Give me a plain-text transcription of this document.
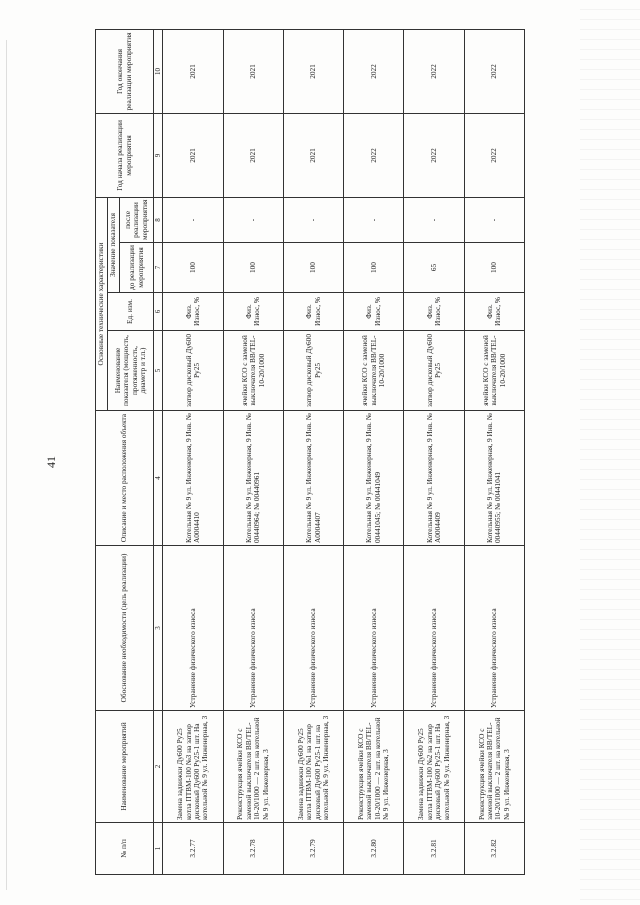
41
№ п/п	Наименование мероприятий	Обоснование необходимости (цель реализации)	Описание и место расположения объекта	Основные технические характеристики				Год начала реализации мероприятия	Год окончания реализации мероприятия
				Наименование показателя (мощность, протяженность, диаметр и т.п.)	Ед. изм.	Значение показателя			
						до реализации мероприятия	после реализации мероприятия		
1	2	3	4	5	6	7	8	9	10
3.2.77	Замена задвижки Ду600 Ру25 котла ПТВМ-100 №3 на затвор дисковый Ду600 Ру25-1 шт. На котельной № 9 ул. Инженерная, 3	Устранение физического износа	Котельная № 9 ул. Инженерная, 9 Инв. № А0004410	затвор дисковый Ду600 Ру25	Физ. Износ, %	100	-	2021	2021
3.2.78	Реконструкция ячейки КСО с заменой выключателя ВВ/TEL-10-20/1000 — 2 шт. на котельной № 9 ул. Инженерная, 3	Устранение физического износа	Котельная № 9 ул. Инженерная, 9 Инв. № 00440964; № 00440961	ячейки КСО с заменой выключателя ВВ/TEL-10-20/1000	Физ. Износ, %	100	-	2021	2021
3.2.79	Замена задвижки Ду600 Ру25 котла ПТВМ-100 №1 на затвор дисковый Ду600 Ру25-1 шт. на котельной № 9 ул. Инженерная, 3	Устранение физического износа	Котельная № 9 ул. Инженерная, 9 Инв. № А0004407	затвор дисковый Ду600 Ру25	Физ. Износ, %	100	-	2021	2021
3.2.80	Реконструкция ячейки КСО с заменой выключателя ВВ/TEL-10-20/1000 — 2 шт. на котельной № 9 ул. Инженерная, 3	Устранение физического износа	Котельная № 9 ул. Инженерная, 9 Инв. № 00441045; № 00441049	ячейки КСО с заменой выключателя ВВ/TEL-10-20/1000	Физ. Износ, %	100	-	2022	2022
3.2.81	Замена задвижки Ду600 Ру25 котла ПТВМ-100 №2 на затвор дисковый Ду600 Ру25-1 шт. На котельной № 9 ул. Инженерная, 3	Устранение физического износа	Котельная № 9 ул. Инженерная, 9 Инв. № А0004409	затвор дисковый Ду600 Ру25	Физ. Износ, %	65	-	2022	2022
3.2.82	Реконструкция ячейки КСО с заменой выключателя ВВ/TEL-10-20/1000 — 2 шт. на котельной № 9 ул. Инженерная, 3	Устранение физического износа	Котельная № 9 ул. Инженерная, 9 Инв. № 00440955; № 00441041	ячейки КСО с заменой выключателя ВВ/TEL-10-20/1000	Физ. Износ, %	100	-	2022	2022
